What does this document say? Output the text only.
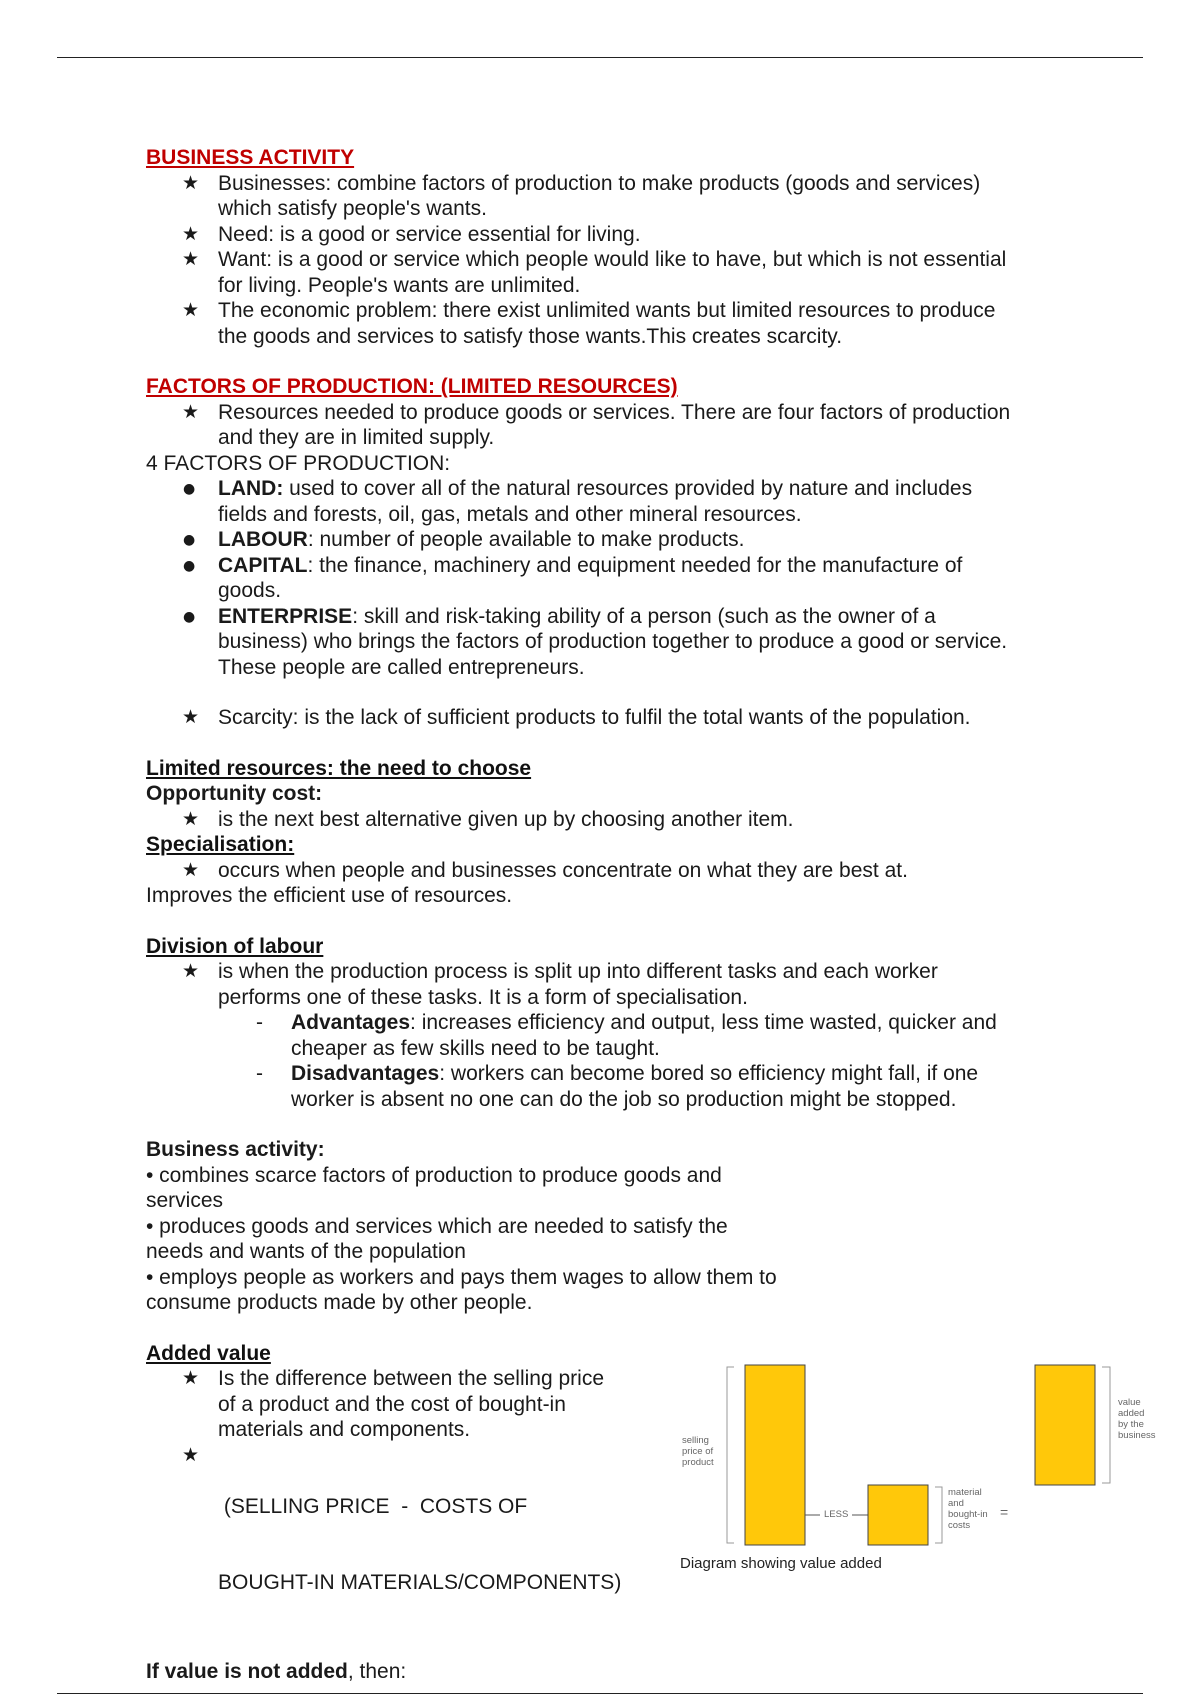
BUSINESS ACTIVITY
★ Businesses: combine factors of production to make products (goods and services)
which satisfy people's wants.
★ Need: is a good or service essential for living.
★ Want: is a good or service which people would like to have, but which is not essential
for living. People's wants are unlimited.
★ The economic problem: there exist unlimited wants but limited resources to produce
the goods and services to satisfy those wants.This creates scarcity.
FACTORS OF PRODUCTION: (LIMITED RESOURCES)
★ Resources needed to produce goods or services. There are four factors of production
and they are in limited supply.
4 FACTORS OF PRODUCTION:
● LAND: used to cover all of the natural resources provided by nature and includes
fields and forests, oil, gas, metals and other mineral resources.
● LABOUR: number of people available to make products.
● CAPITAL: the finance, machinery and equipment needed for the manufacture of
goods.
● ENTERPRISE: skill and risk-taking ability of a person (such as the owner of a
business) who brings the factors of production together to produce a good or service.
These people are called entrepreneurs.
★ Scarcity: is the lack of sufficient products to fulfil the total wants of the population.
Limited resources: the need to choose
Opportunity cost:
★ is the next best alternative given up by choosing another item.
Specialisation:
★ occurs when people and businesses concentrate on what they are best at.
Improves the efficient use of resources.
Division of labour
★ is when the production process is split up into different tasks and each worker
performs one of these tasks. It is a form of specialisation.
- Advantages: increases efficiency and output, less time wasted, quicker and
cheaper as few skills need to be taught.
- Disadvantages: workers can become bored so efficiency might fall, if one
worker is absent no one can do the job so production might be stopped.
Business activity:
• combines scarce factors of production to produce goods and
services
• produces goods and services which are needed to satisfy the
needs and wants of the population
• employs people as workers and pays them wages to allow them to
consume products made by other people.
Added value
★ Is the difference between the selling price
of a product and the cost of bought-in
materials and components.

★  (SELLING PRICE  -  COSTS OF

BOUGHT-IN MATERIALS/COMPONENTS)

If value is not added, then:
selling
price of
product
LESS
material
and
bought-in
costs
=
value
added
by the
business
Diagram showing value added
